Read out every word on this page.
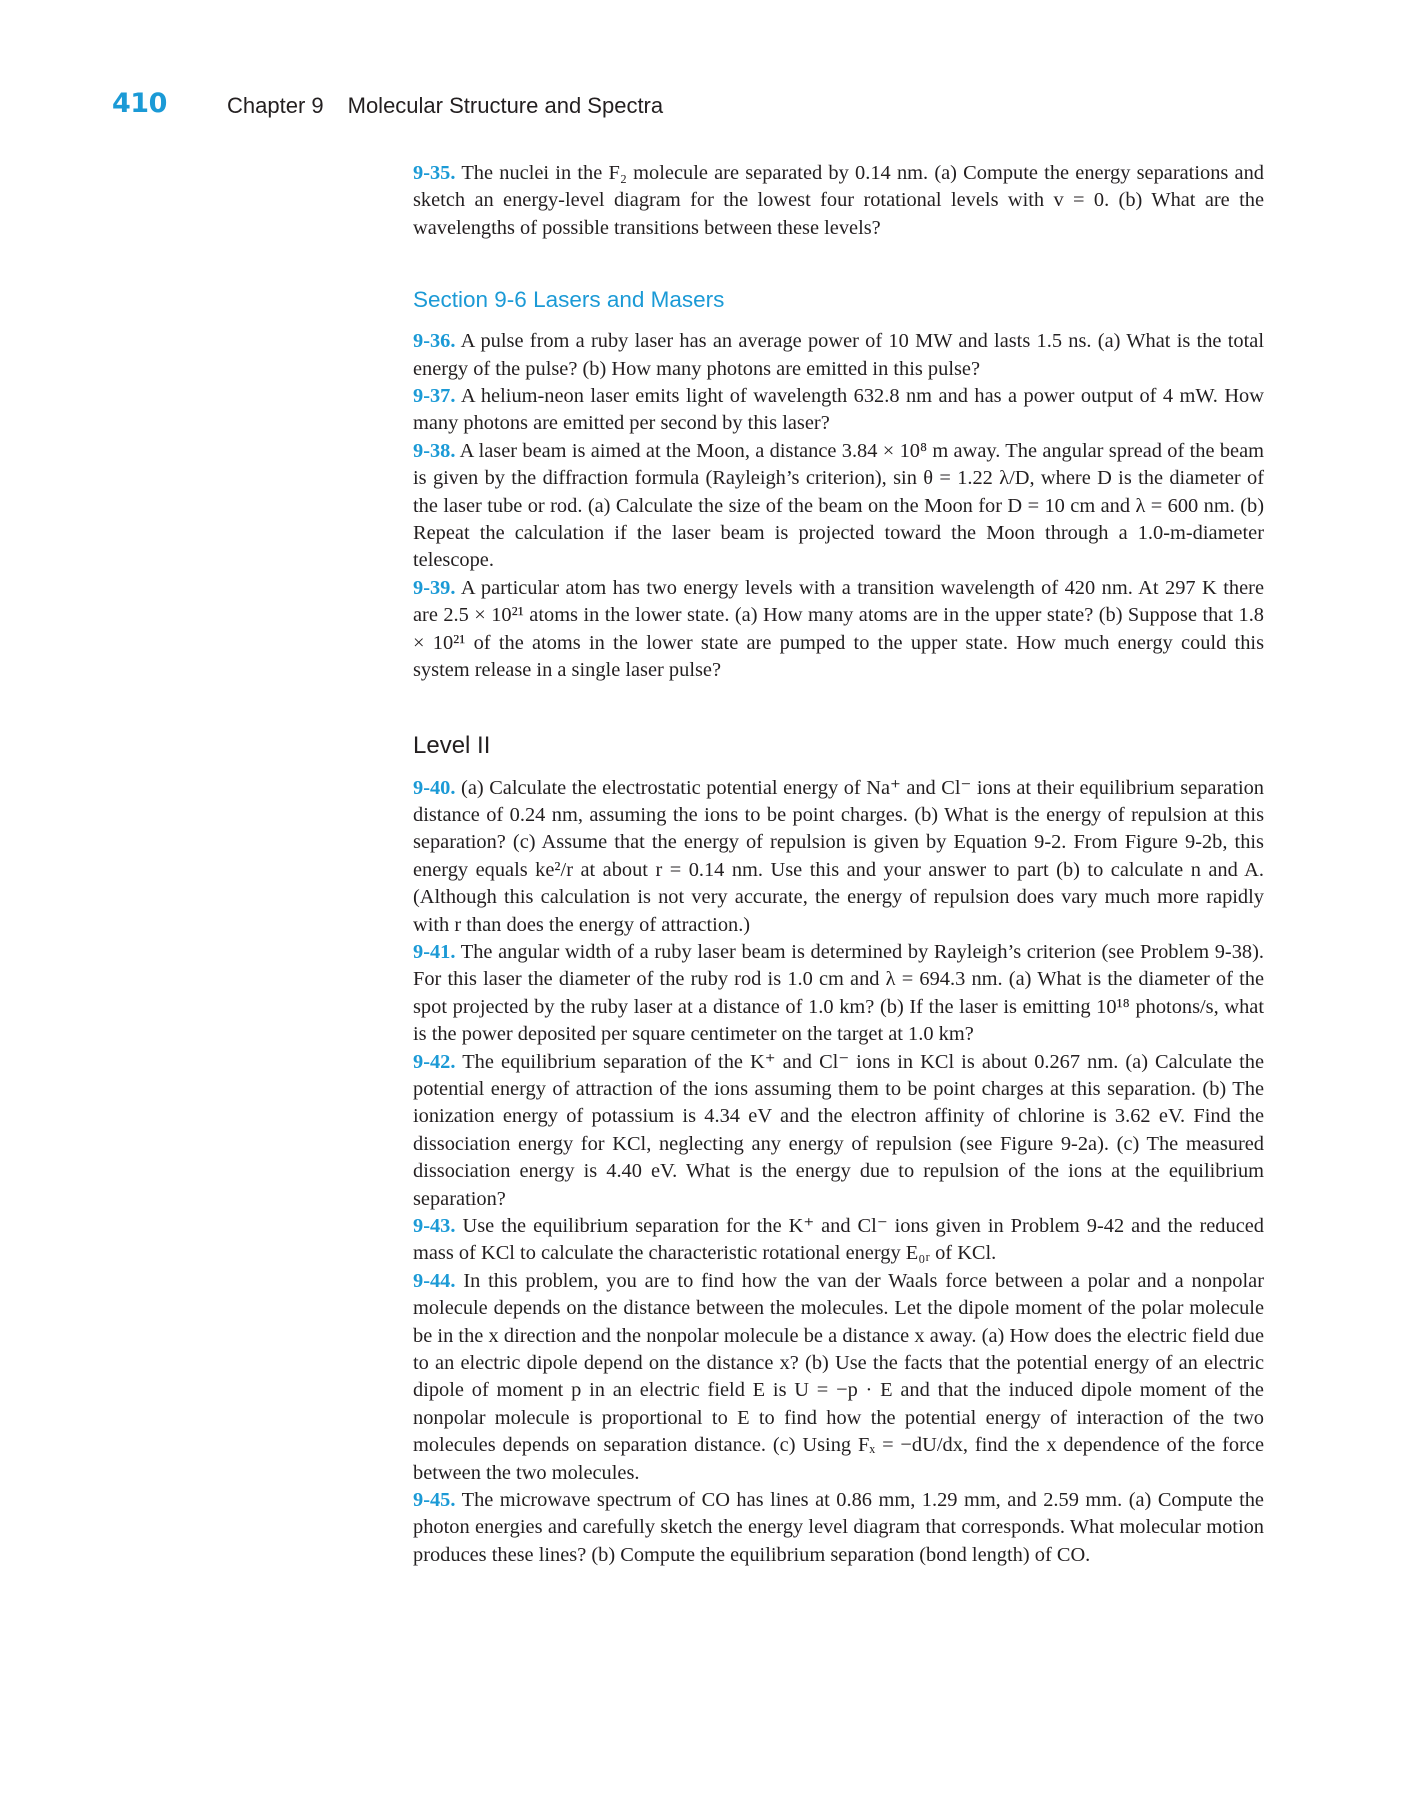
410	Chapter 9 Molecular Structure and Spectra

9-35. The nuclei in the F₂ molecule are separated by 0.14 nm. (a) Compute the energy separations and sketch an energy-level diagram for the lowest four rotational levels with v = 0. (b) What are the wavelengths of possible transitions between these levels?

Section 9-6 Lasers and Masers

9-36. A pulse from a ruby laser has an average power of 10 MW and lasts 1.5 ns. (a) What is the total energy of the pulse? (b) How many photons are emitted in this pulse?

9-37. A helium-neon laser emits light of wavelength 632.8 nm and has a power output of 4 mW. How many photons are emitted per second by this laser?

9-38. A laser beam is aimed at the Moon, a distance 3.84 × 10⁸ m away. The angular spread of the beam is given by the diffraction formula (Rayleigh’s criterion), sin θ = 1.22 λ/D, where D is the diameter of the laser tube or rod. (a) Calculate the size of the beam on the Moon for D = 10 cm and λ = 600 nm. (b) Repeat the calculation if the laser beam is projected toward the Moon through a 1.0-m-diameter telescope.

9-39. A particular atom has two energy levels with a transition wavelength of 420 nm. At 297 K there are 2.5 × 10²¹ atoms in the lower state. (a) How many atoms are in the upper state? (b) Suppose that 1.8 × 10²¹ of the atoms in the lower state are pumped to the upper state. How much energy could this system release in a single laser pulse?

Level II

9-40. (a) Calculate the electrostatic potential energy of Na⁺ and Cl⁻ ions at their equilibrium separation distance of 0.24 nm, assuming the ions to be point charges. (b) What is the energy of repulsion at this separation? (c) Assume that the energy of repulsion is given by Equation 9-2. From Figure 9-2b, this energy equals ke²/r at about r = 0.14 nm. Use this and your answer to part (b) to calculate n and A. (Although this calculation is not very accurate, the energy of repulsion does vary much more rapidly with r than does the energy of attraction.)

9-41. The angular width of a ruby laser beam is determined by Rayleigh’s criterion (see Problem 9-38). For this laser the diameter of the ruby rod is 1.0 cm and λ = 694.3 nm. (a) What is the diameter of the spot projected by the ruby laser at a distance of 1.0 km? (b) If the laser is emitting 10¹⁸ photons/s, what is the power deposited per square centimeter on the target at 1.0 km?

9-42. The equilibrium separation of the K⁺ and Cl⁻ ions in KCl is about 0.267 nm. (a) Calculate the potential energy of attraction of the ions assuming them to be point charges at this separation. (b) The ionization energy of potassium is 4.34 eV and the electron affinity of chlorine is 3.62 eV. Find the dissociation energy for KCl, neglecting any energy of repulsion (see Figure 9-2a). (c) The measured dissociation energy is 4.40 eV. What is the energy due to repulsion of the ions at the equilibrium separation?

9-43. Use the equilibrium separation for the K⁺ and Cl⁻ ions given in Problem 9-42 and the reduced mass of KCl to calculate the characteristic rotational energy E₀ᵣ of KCl.

9-44. In this problem, you are to find how the van der Waals force between a polar and a nonpolar molecule depends on the distance between the molecules. Let the dipole moment of the polar molecule be in the x direction and the nonpolar molecule be a distance x away. (a) How does the electric field due to an electric dipole depend on the distance x? (b) Use the facts that the potential energy of an electric dipole of moment p in an electric field E is U = −p · E and that the induced dipole moment of the nonpolar molecule is proportional to E to find how the potential energy of interaction of the two molecules depends on separation distance. (c) Using Fₓ = −dU/dx, find the x dependence of the force between the two molecules.

9-45. The microwave spectrum of CO has lines at 0.86 mm, 1.29 mm, and 2.59 mm. (a) Compute the photon energies and carefully sketch the energy level diagram that corresponds. What molecular motion produces these lines? (b) Compute the equilibrium separation (bond length) of CO.
